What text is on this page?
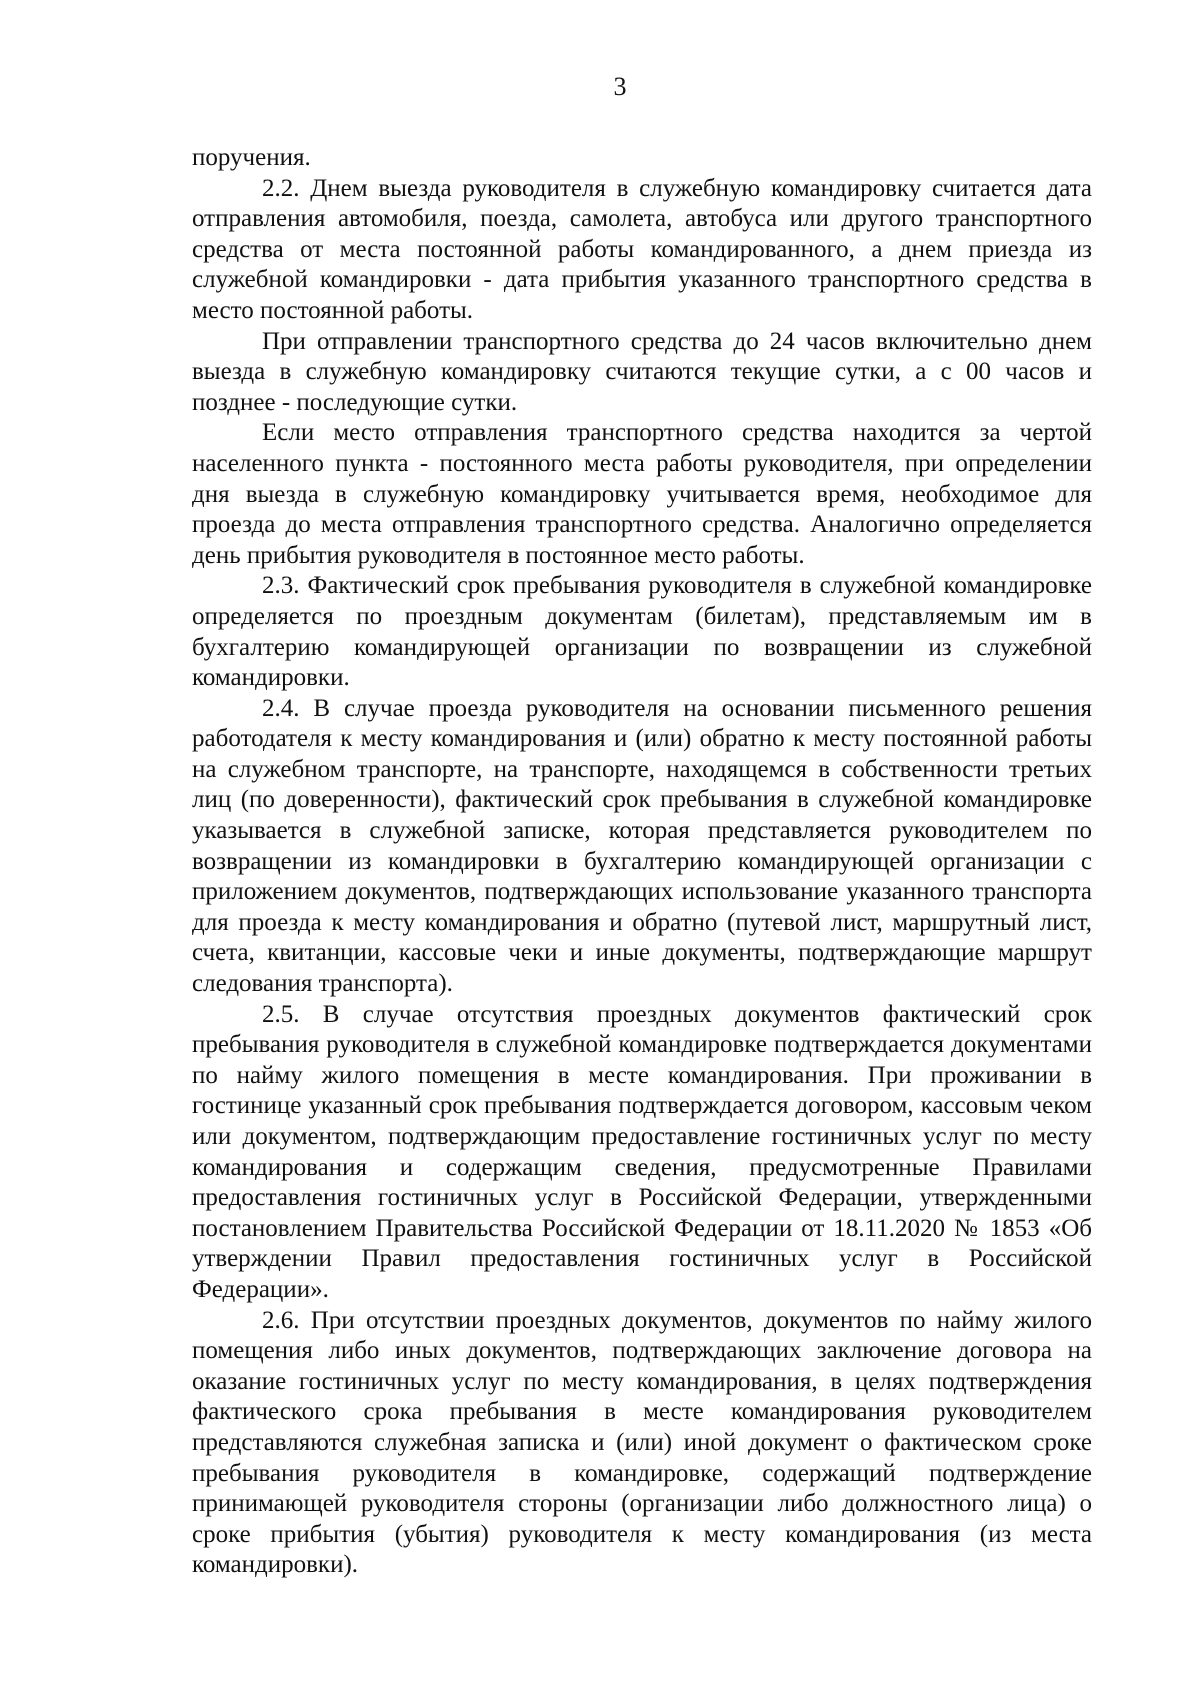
3

поручения.

2.2. Днем выезда руководителя в служебную командировку считается дата отправления автомобиля, поезда, самолета, автобуса или другого транспортного средства от места постоянной работы командированного, а днем приезда из служебной командировки - дата прибытия указанного транспортного средства в место постоянной работы.

При отправлении транспортного средства до 24 часов включительно днем выезда в служебную командировку считаются текущие сутки, а с 00 часов и позднее - последующие сутки.

Если место отправления транспортного средства находится за чертой населенного пункта - постоянного места работы руководителя, при определении дня выезда в служебную командировку учитывается время, необходимое для проезда до места отправления транспортного средства. Аналогично определяется день прибытия руководителя в постоянное место работы.

2.3. Фактический срок пребывания руководителя в служебной командировке определяется по проездным документам (билетам), представляемым им в бухгалтерию командирующей организации по возвращении из служебной командировки.

2.4. В случае проезда руководителя на основании письменного решения работодателя к месту командирования и (или) обратно к месту постоянной работы на служебном транспорте, на транспорте, находящемся в собственности третьих лиц (по доверенности), фактический срок пребывания в служебной командировке указывается в служебной записке, которая представляется руководителем по возвращении из командировки в бухгалтерию командирующей организации с приложением документов, подтверждающих использование указанного транспорта для проезда к месту командирования и обратно (путевой лист, маршрутный лист, счета, квитанции, кассовые чеки и иные документы, подтверждающие маршрут следования транспорта).

2.5. В случае отсутствия проездных документов фактический срок пребывания руководителя в служебной командировке подтверждается документами по найму жилого помещения в месте командирования. При проживании в гостинице указанный срок пребывания подтверждается договором, кассовым чеком или документом, подтверждающим предоставление гостиничных услуг по месту командирования и содержащим сведения, предусмотренные Правилами предоставления гостиничных услуг в Российской Федерации, утвержденными постановлением Правительства Российской Федерации от 18.11.2020 № 1853 «Об утверждении Правил предоставления гостиничных услуг в Российской Федерации».

2.6. При отсутствии проездных документов, документов по найму жилого помещения либо иных документов, подтверждающих заключение договора на оказание гостиничных услуг по месту командирования, в целях подтверждения фактического срока пребывания в месте командирования руководителем представляются служебная записка и (или) иной документ о фактическом сроке пребывания руководителя в командировке, содержащий подтверждение принимающей руководителя стороны (организации либо должностного лица) о сроке прибытия (убытия) руководителя к месту командирования (из места командировки).
